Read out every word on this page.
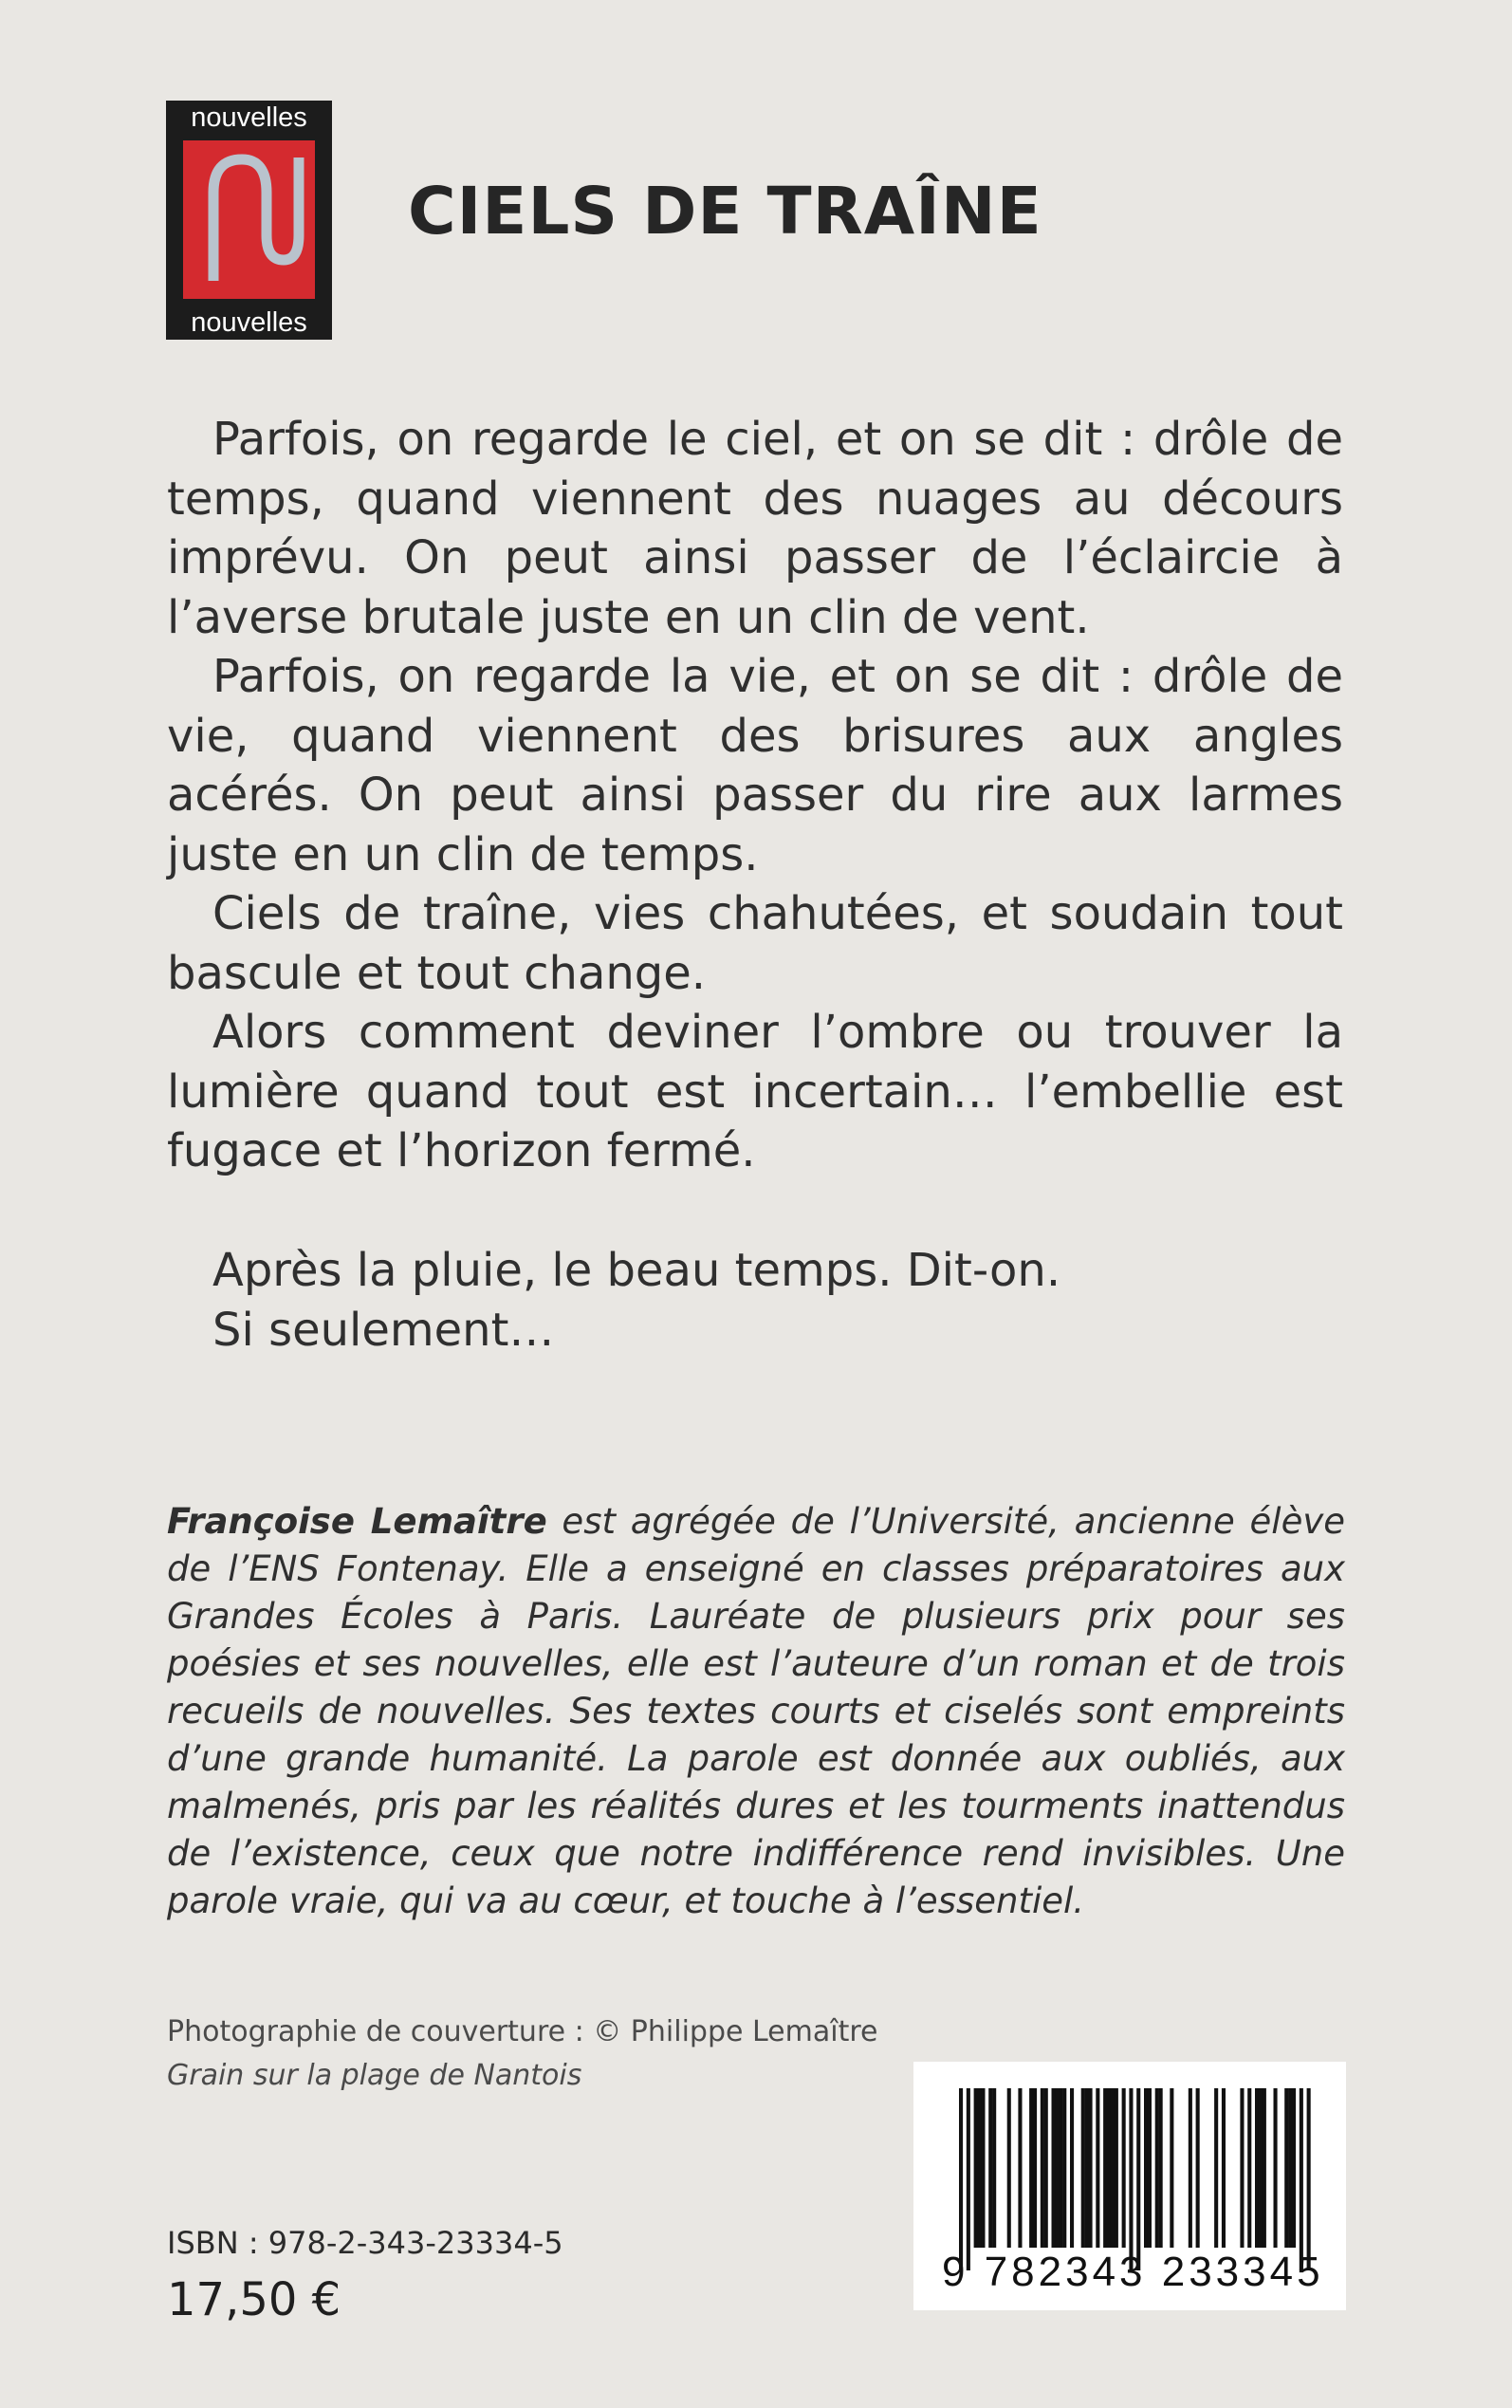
nouvelles
nouvelles
CIELS DE TRAÎNE

Parfois, on regarde le ciel, et on se dit : drôle de temps, quand viennent des nuages au décours imprévu. On peut ainsi passer de l’éclaircie à l’averse brutale juste en un clin de vent.

Parfois, on regarde la vie, et on se dit : drôle de vie, quand viennent des brisures aux angles acérés. On peut ainsi passer du rire aux larmes juste en un clin de temps.

Ciels de traîne, vies chahutées, et soudain tout bascule et tout change.

Alors comment deviner l’ombre ou trouver la lumière quand tout est incertain… l’embellie est fugace et l’horizon fermé.

Après la pluie, le beau temps. Dit-on.

Si seulement…

Françoise Lemaître est agrégée de l’Université, ancienne élève de l’ENS Fontenay. Elle a enseigné en classes préparatoires aux Grandes Écoles à Paris. Lauréate de plusieurs prix pour ses poésies et ses nouvelles, elle est l’auteure d’un roman et de trois recueils de nouvelles. Ses textes courts et ciselés sont empreints d’une grande humanité. La parole est donnée aux oubliés, aux malmenés, pris par les réalités dures et les tourments inattendus de l’existence, ceux que notre indifférence rend invisibles. Une parole vraie, qui va au cœur, et touche à l’essentiel.
Photographie de couverture : © Philippe Lemaître
Grain sur la plage de Nantois
9 782343 233345
ISBN : 978-2-343-23334-5
17,50 €
